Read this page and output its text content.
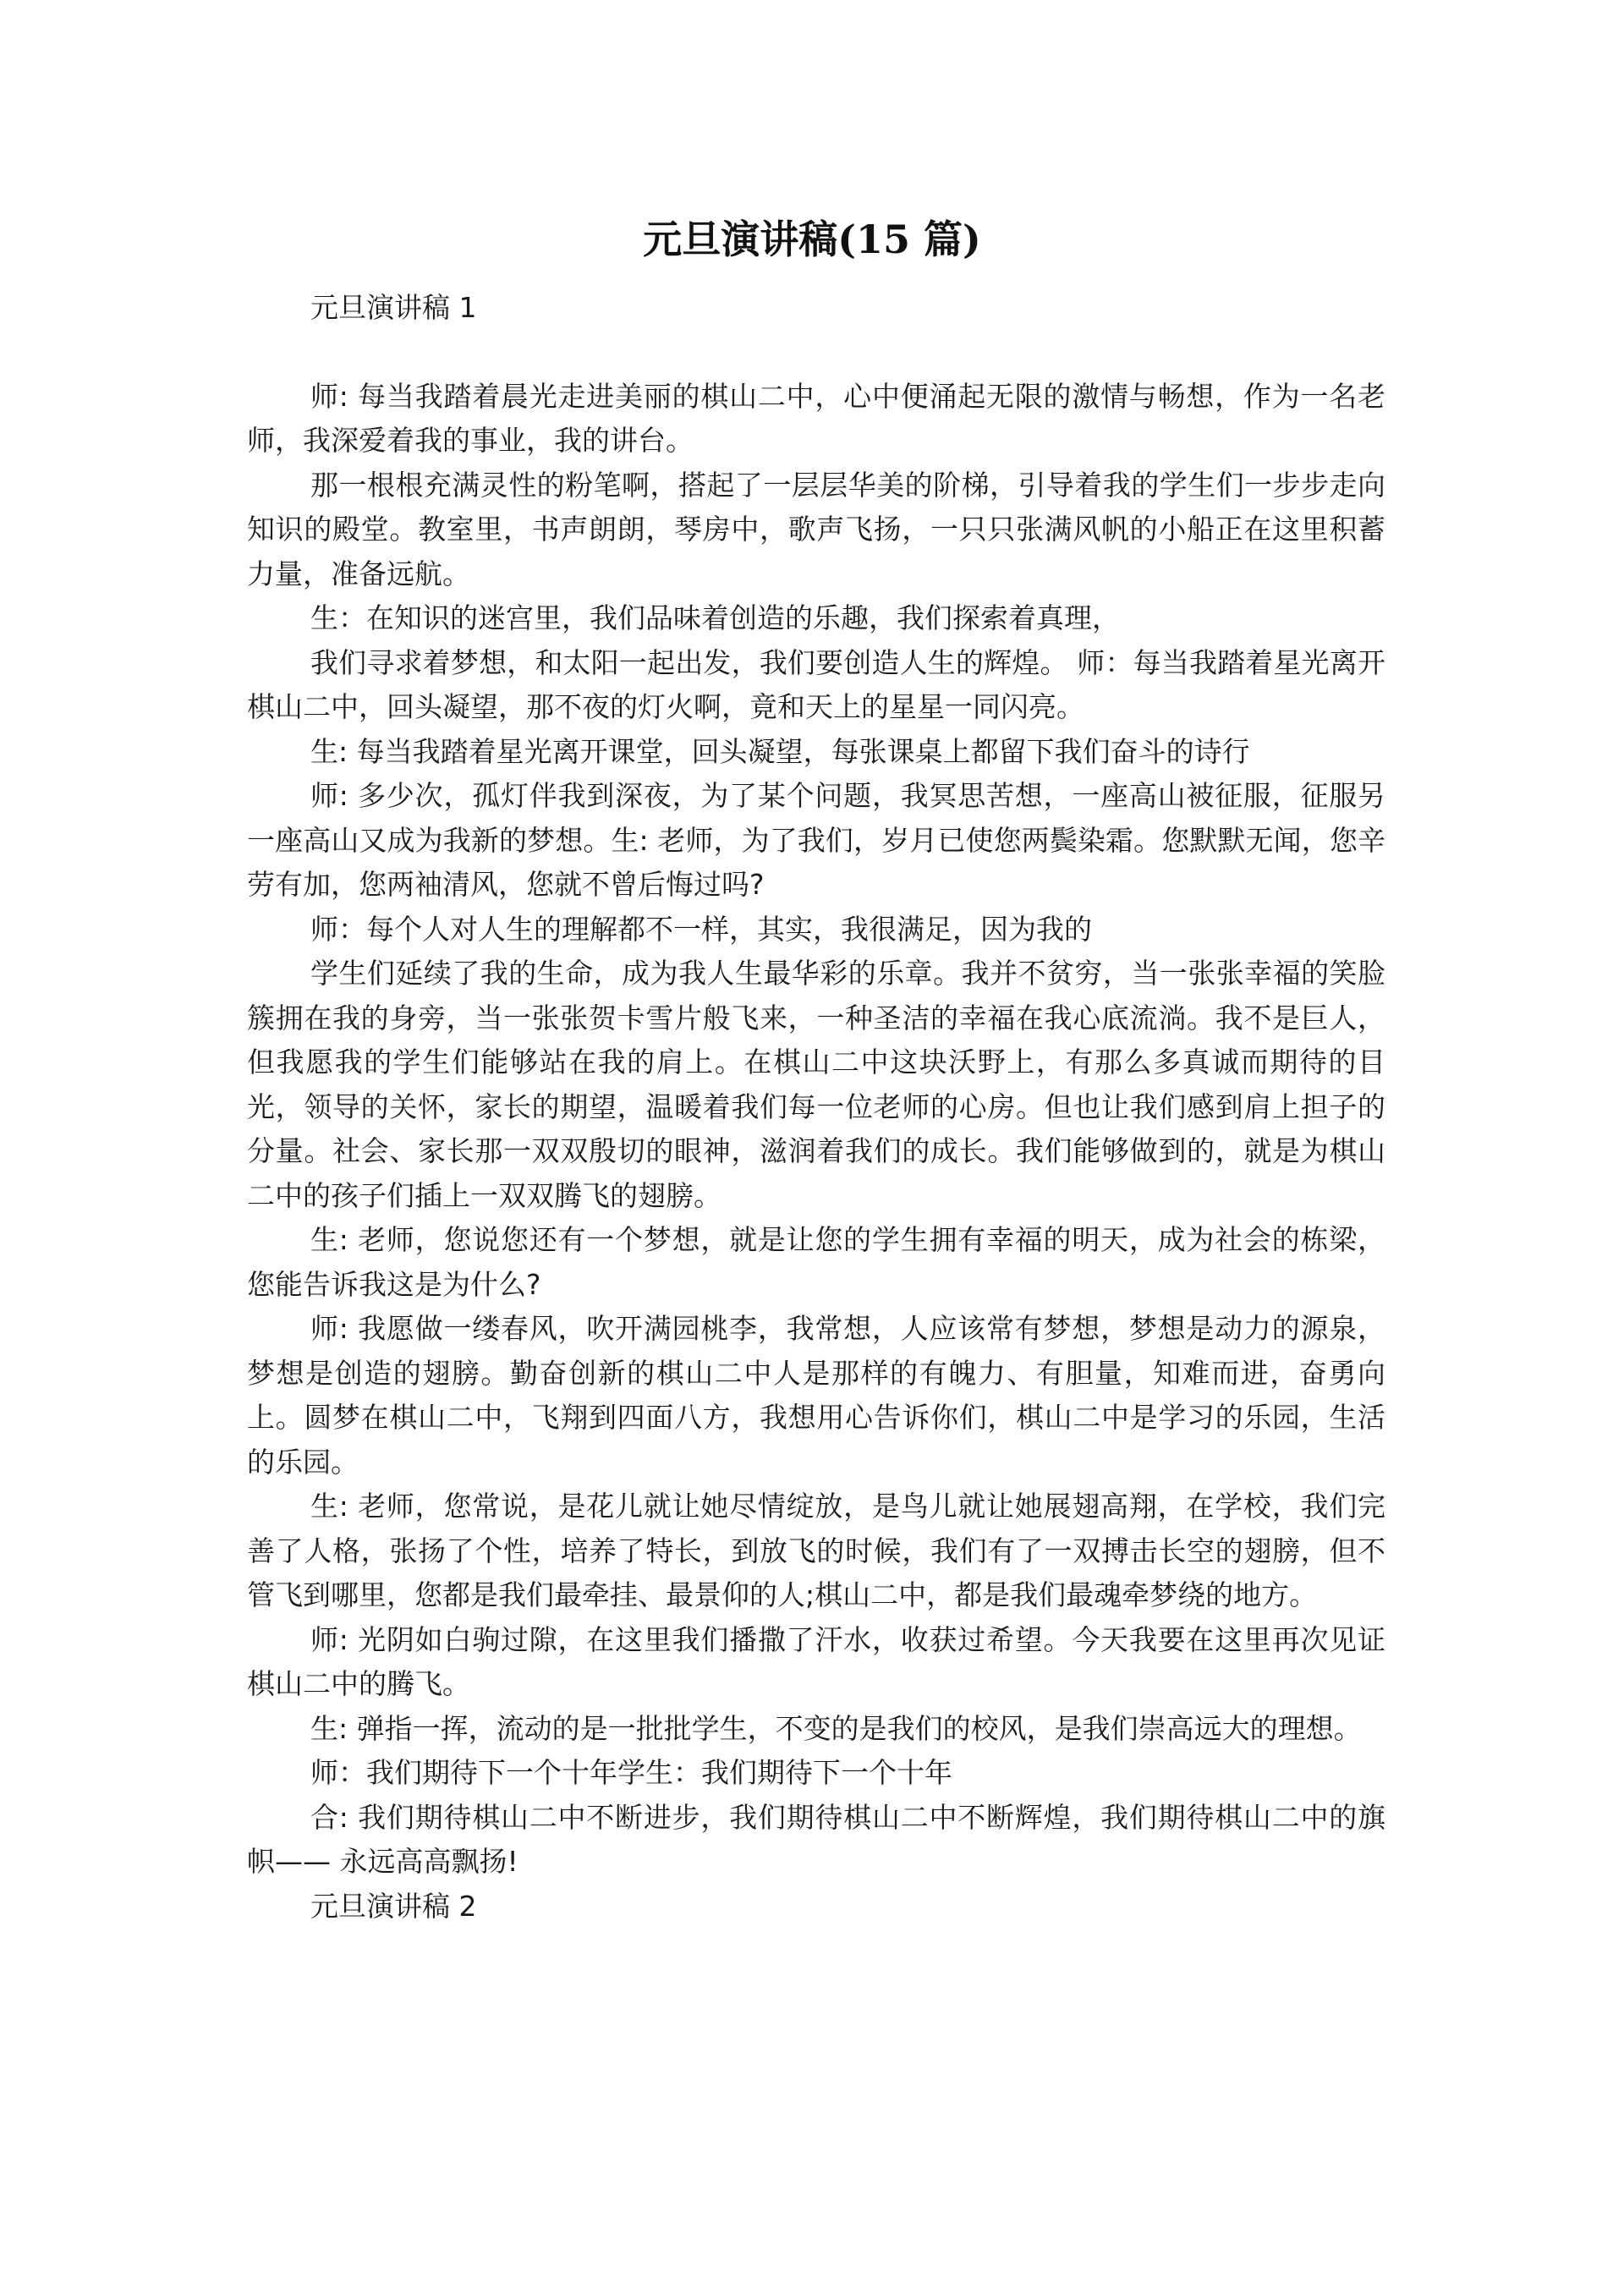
元旦演讲稿(15 篇)

元旦演讲稿 1

师: 每当我踏着晨光走进美丽的棋山二中，心中便涌起无限的激情与畅想，作为一名老师，我深爱着我的事业，我的讲台。

那一根根充满灵性的粉笔啊，搭起了一层层华美的阶梯，引导着我的学生们一步步走向知识的殿堂。教室里，书声朗朗，琴房中，歌声飞扬，一只只张满风帆的小船正在这里积蓄力量，准备远航。

生：在知识的迷宫里，我们品味着创造的乐趣，我们探索着真理，

我们寻求着梦想，和太阳一起出发，我们要创造人生的辉煌。 师：每当我踏着星光离开棋山二中，回头凝望，那不夜的灯火啊，竟和天上的星星一同闪亮。

生: 每当我踏着星光离开课堂，回头凝望，每张课桌上都留下我们奋斗的诗行

师: 多少次，孤灯伴我到深夜，为了某个问题，我冥思苦想，一座高山被征服，征服另一座高山又成为我新的梦想。生: 老师，为了我们，岁月已使您两鬓染霜。您默默无闻，您辛劳有加，您两袖清风，您就不曾后悔过吗?

师：每个人对人生的理解都不一样，其实，我很满足，因为我的

学生们延续了我的生命，成为我人生最华彩的乐章。我并不贫穷，当一张张幸福的笑脸簇拥在我的身旁，当一张张贺卡雪片般飞来，一种圣洁的幸福在我心底流淌。我不是巨人，但我愿我的学生们能够站在我的肩上。在棋山二中这块沃野上，有那么多真诚而期待的目光，领导的关怀，家长的期望，温暖着我们每一位老师的心房。但也让我们感到肩上担子的分量。社会、家长那一双双殷切的眼神，滋润着我们的成长。我们能够做到的，就是为棋山二中的孩子们插上一双双腾飞的翅膀。

生: 老师，您说您还有一个梦想，就是让您的学生拥有幸福的明天，成为社会的栋梁，您能告诉我这是为什么?

师: 我愿做一缕春风，吹开满园桃李，我常想，人应该常有梦想，梦想是动力的源泉，梦想是创造的翅膀。勤奋创新的棋山二中人是那样的有魄力、有胆量，知难而进，奋勇向上。圆梦在棋山二中，飞翔到四面八方，我想用心告诉你们，棋山二中是学习的乐园，生活的乐园。

生: 老师，您常说，是花儿就让她尽情绽放，是鸟儿就让她展翅高翔，在学校，我们完善了人格，张扬了个性，培养了特长，到放飞的时候，我们有了一双搏击长空的翅膀，但不管飞到哪里，您都是我们最牵挂、最景仰的人;棋山二中，都是我们最魂牵梦绕的地方。

师: 光阴如白驹过隙，在这里我们播撒了汗水，收获过希望。今天我要在这里再次见证棋山二中的腾飞。

生: 弹指一挥，流动的是一批批学生，不变的是我们的校风，是我们崇高远大的理想。

师：我们期待下一个十年学生：我们期待下一个十年

合: 我们期待棋山二中不断进步，我们期待棋山二中不断辉煌，我们期待棋山二中的旗帜—— 永远高高飘扬!

元旦演讲稿 2
